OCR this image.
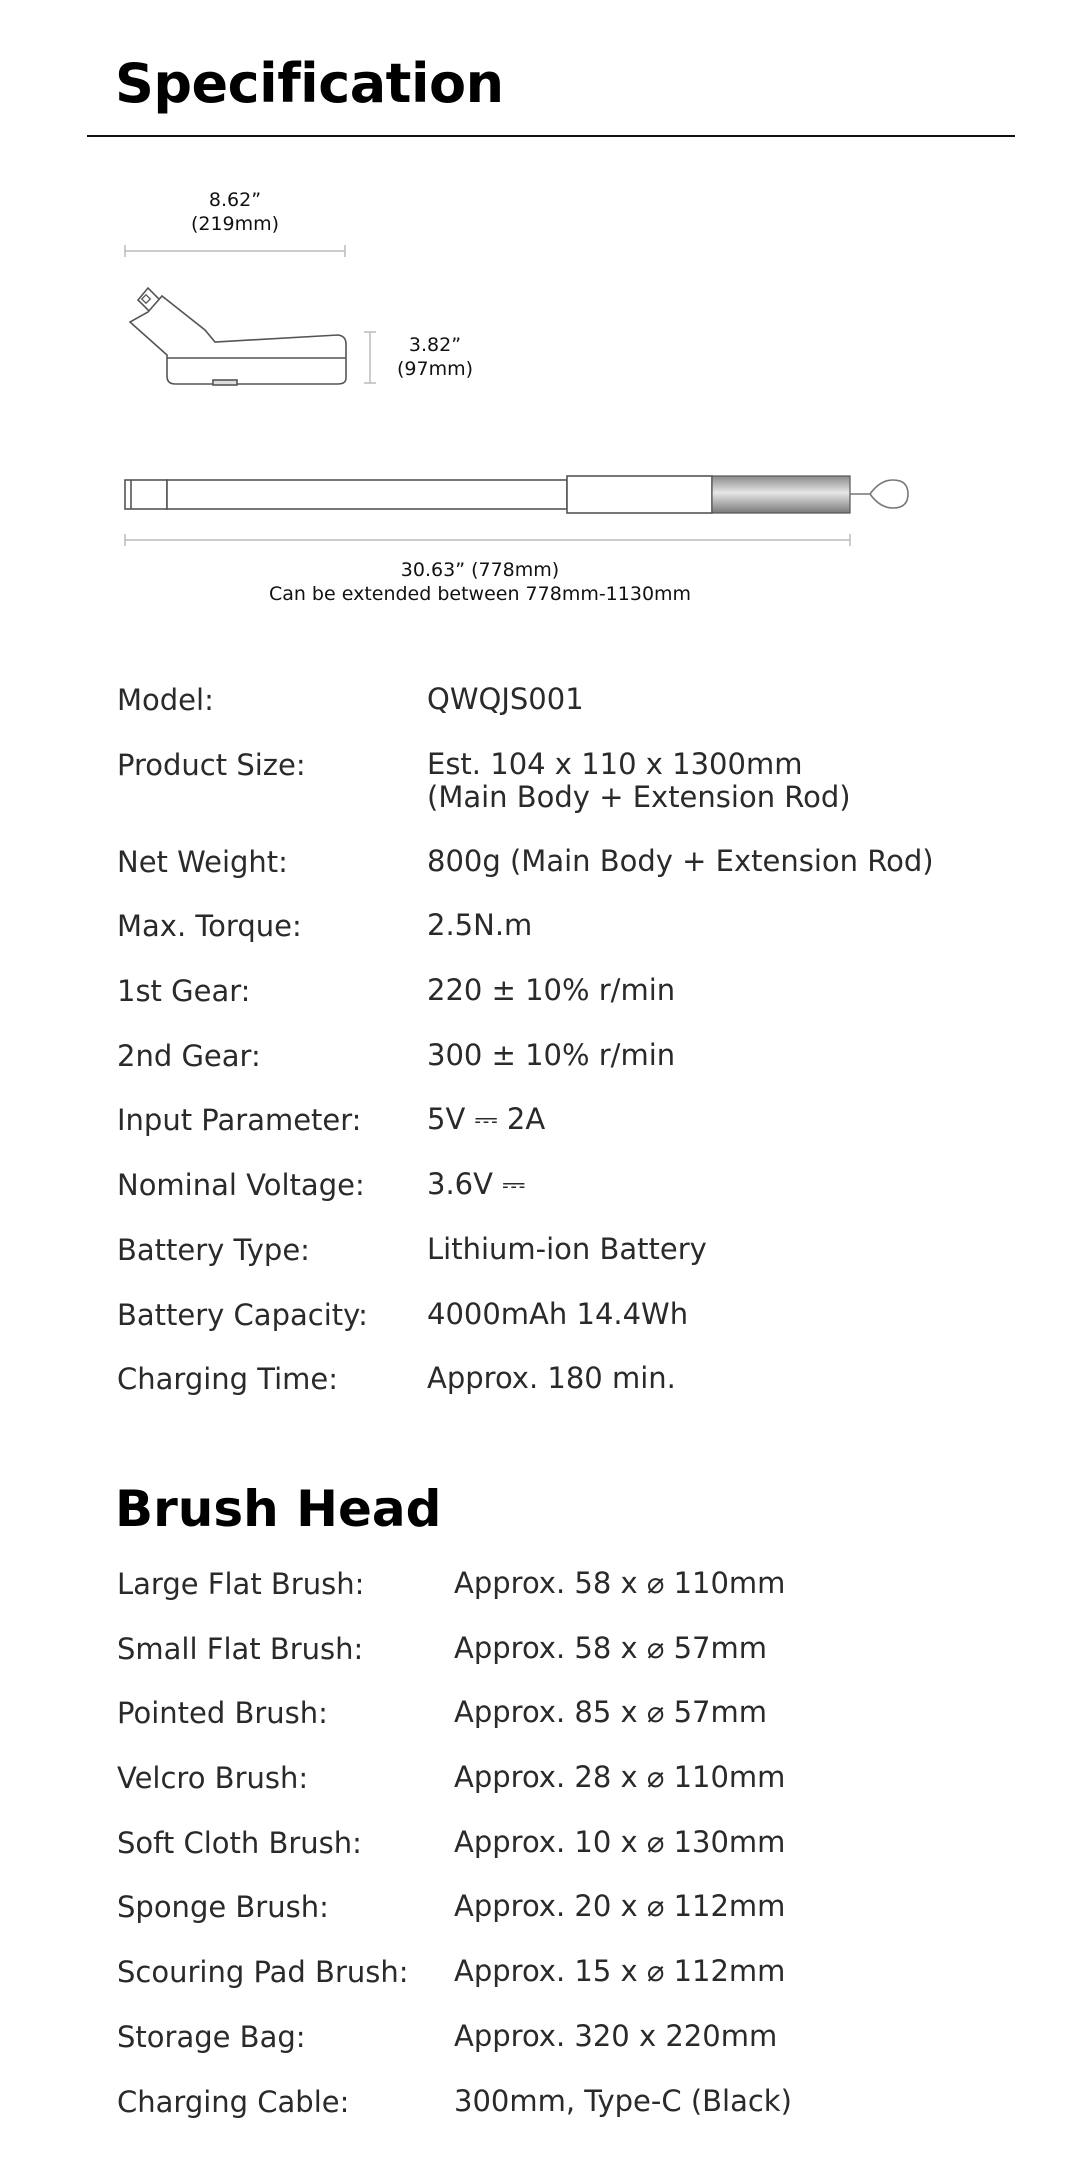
Specification
8.62”
(219mm)
3.82”
(97mm)
30.63” (778mm)
Can be extended between 778mm-1130mm
Model:	QWQJS001
Product Size:	Est. 104 x 110 x 1300mm
(Main Body + Extension Rod)
Net Weight:	800g (Main Body + Extension Rod)
Max. Torque:	2.5N.m
1st Gear:	220 ± 10% r/min
2nd Gear:	300 ± 10% r/min
Input Parameter: 5V ⎓ 2A
Nominal Voltage: 3.6V ⎓
Battery Type:	Lithium-ion Battery
Battery Capacity: 4000mAh 14.4Wh
Charging Time:	Approx. 180 min.
Brush Head
Large Flat Brush:	Approx. 58 x ⌀ 110mm
Small Flat Brush:	Approx. 58 x ⌀ 57mm
Pointed Brush:	Approx. 85 x ⌀ 57mm
Velcro Brush:	Approx. 28 x ⌀ 110mm
Soft Cloth Brush:	Approx. 10 x ⌀ 130mm
Sponge Brush:	Approx. 20 x ⌀ 112mm
Scouring Pad Brush: Approx. 15 x ⌀ 112mm
Storage Bag:	Approx. 320 x 220mm
Charging Cable:	300mm, Type-C (Black)
